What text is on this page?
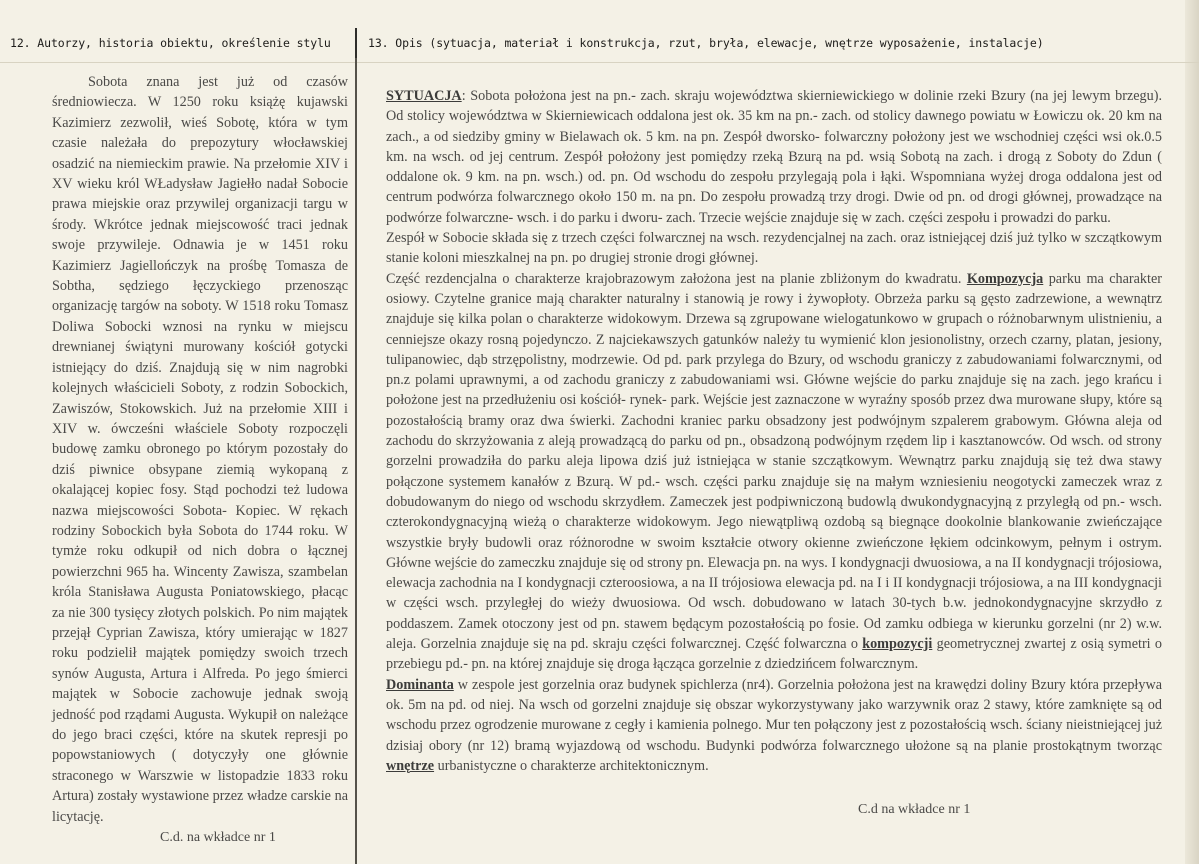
12. Autorzy, historia obiektu, określenie stylu	13. Opis (sytuacja, materiał i konstrukcja, rzut, bryła, elewacje, wnętrze wyposażenie, instalacje)

Sobota znana jest już od czasów średniowiecza. W 1250 roku książę kujawski Kazimierz zezwolił, wieś Sobotę, która w tym czasie należała do prepozytury włocławskiej osadzić na niemieckim prawie. Na przełomie XIV i XV wieku król WŁadysław Jagiełło nadał Sobocie prawa miejskie oraz przywilej organizacji targu w środy. Wkrótce jednak miejscowość traci jednak swoje przywileje. Odnawia je w 1451 roku Kazimierz Jagiellończyk na prośbę Tomasza de Sobtha, sędziego łęczyckiego przenosząc organizację targów na soboty. W 1518 roku Tomasz Doliwa Sobocki wznosi na rynku w miejscu drewnianej świątyni murowany kościół gotycki istniejący do dziś. Znajdują się w nim nagrobki kolejnych właścicieli Soboty, z rodzin Sobockich, Zawiszów, Stokowskich. Już na przełomie XIII i XIV w. ówcześni właściele Soboty rozpoczęli budowę zamku obronego po którym pozostały do dziś piwnice obsypane ziemią wykopaną z okalającej kopiec fosy. Stąd pochodzi też ludowa nazwa miejscowości Sobota- Kopiec. W rękach rodziny Sobockich była Sobota do 1744 roku. W tymże roku odkupił od nich dobra o łącznej powierzchni 965 ha. Wincenty Zawisza, szambelan króla Stanisława Augusta Poniatowskiego, płacąc za nie 300 tysięcy złotych polskich. Po nim majątek przejął Cyprian Zawisza, który umierając w 1827 roku podzielił majątek pomiędzy swoich trzech synów Augusta, Artura i Alfreda. Po jego śmierci majątek w Sobocie zachowuje jednak swoją jedność pod rządami Augusta. Wykupił on należące do jego braci części, które na skutek represji po popowstaniowych ( dotyczyły one głównie straconego w Warszwie w listopadzie 1833 roku Artura) zostały wystawione przez władze carskie na licytację.

C.d. na wkładce nr 1

SYTUACJA: Sobota położona jest na pn.- zach. skraju województwa skierniewickiego w dolinie rzeki Bzury (na jej lewym brzegu). Od stolicy województwa w Skierniewicach oddalona jest ok. 35 km na pn.- zach. od stolicy dawnego powiatu w Łowiczu ok. 20 km na zach., a od siedziby gminy w Bielawach ok. 5 km. na pn. Zespół dworsko- folwarczny położony jest we wschodniej części wsi ok.0.5 km. na wsch. od jej centrum. Zespół położony jest pomiędzy rzeką Bzurą na pd. wsią Sobotą na zach. i drogą z Soboty do Zdun ( oddalone ok. 9 km. na pn. wsch.) od. pn. Od wschodu do zespołu przylegają pola i łąki. Wspomniana wyżej droga oddalona jest od centrum podwórza folwarcznego około 150 m. na pn. Do zespołu prowadzą trzy drogi. Dwie od pn. od drogi głównej, prowadzące na podwórze folwarczne- wsch. i do parku i dworu- zach. Trzecie wejście znajduje się w zach. części zespołu i prowadzi do parku.

Zespół w Sobocie składa się z trzech części folwarcznej na wsch. rezydencjalnej na zach. oraz istniejącej dziś już tylko w szczątkowym stanie koloni mieszkalnej na pn. po drugiej stronie drogi głównej.

Część rezdencjalna o charakterze krajobrazowym założona jest na planie zbliżonym do kwadratu. Kompozycja parku ma charakter osiowy. Czytelne granice mają charakter naturalny i stanowią je rowy i żywopłoty. Obrzeża parku są gęsto zadrzewione, a wewnątrz znajduje się kilka polan o charakterze widokowym. Drzewa są zgrupowane wielogatunkowo w grupach o różnobarwnym ulistnieniu, a cenniejsze okazy rosną pojedynczo. Z najciekawszych gatunków należy tu wymienić klon jesionolistny, orzech czarny, platan, jesiony, tulipanowiec, dąb strzępolistny, modrzewie. Od pd. park przylega do Bzury, od wschodu graniczy z zabudowaniami folwarcznymi, od pn.z polami uprawnymi, a od zachodu graniczy z zabudowaniami wsi. Główne wejście do parku znajduje się na zach. jego krańcu i położone jest na przedłużeniu osi kościół- rynek- park. Wejście jest zaznaczone w wyraźny sposób przez dwa murowane słupy, które są pozostałością bramy oraz dwa świerki. Zachodni kraniec parku obsadzony jest podwójnym szpalerem grabowym. Główna aleja od zachodu do skrzyżowania z aleją prowadzącą do parku od pn., obsadzoną podwójnym rzędem lip i kasztanowców. Od wsch. od strony gorzelni prowadziła do parku aleja lipowa dziś już istniejąca w stanie szczątkowym. Wewnątrz parku znajdują się też dwa stawy połączone systemem kanałów z Bzurą. W pd.- wsch. części parku znajduje się na małym wzniesieniu neogotycki zameczek wraz z dobudowanym do niego od wschodu skrzydłem. Zameczek jest podpiwniczoną budowlą dwukondygnacyjną z przyległą od pn.- wsch. czterokondygnacyjną wieżą o charakterze widokowym. Jego niewątpliwą ozdobą są biegnące dookolnie blankowanie zwieńczające wszystkie bryły budowli oraz różnorodne w swoim kształcie otwory okienne zwieńczone łękiem odcinkowym, pełnym i ostrym. Główne wejście do zameczku znajduje się od strony pn. Elewacja pn. na wys. I kondygnacji dwuosiowa, a na II kondygnacji trójosiowa, elewacja zachodnia na I kondygnacji czteroosiowa, a na II trójosiowa elewacja pd. na I i II kondygnacji trójosiowa, a na III kondygnacji w części wsch. przyległej do wieży dwuosiowa. Od wsch. dobudowano w latach 30-tych b.w. jednokondygnacyjne skrzydło z poddaszem. Zamek otoczony jest od pn. stawem będącym pozostałością po fosie. Od zamku odbiega w kierunku gorzelni (nr 2) w.w. aleja. Gorzelnia znajduje się na pd. skraju części folwarcznej. Część folwarczna o kompozycji geometrycznej zwartej z osią symetri o przebiegu pd.- pn. na której znajduje się droga łącząca gorzelnie z dziedzińcem folwarcznym.

Dominanta w zespole jest gorzelnia oraz budynek spichlerza (nr4). Gorzelnia położona jest na krawędzi doliny Bzury która przepływa ok. 5m na pd. od niej. Na wsch od gorzelni znajduje się obszar wykorzystywany jako warzywnik oraz 2 stawy, które zamknięte są od wschodu przez ogrodzenie murowane z cegły i kamienia polnego. Mur ten połączony jest z pozostałością wsch. ściany nieistniejącej już dzisiaj obory (nr 12) bramą wyjazdową od wschodu. Budynki podwórza folwarcznego ułożone są na planie prostokątnym tworząc wnętrze urbanistyczne o charakterze architektonicznym.

C.d na wkładce nr 1
